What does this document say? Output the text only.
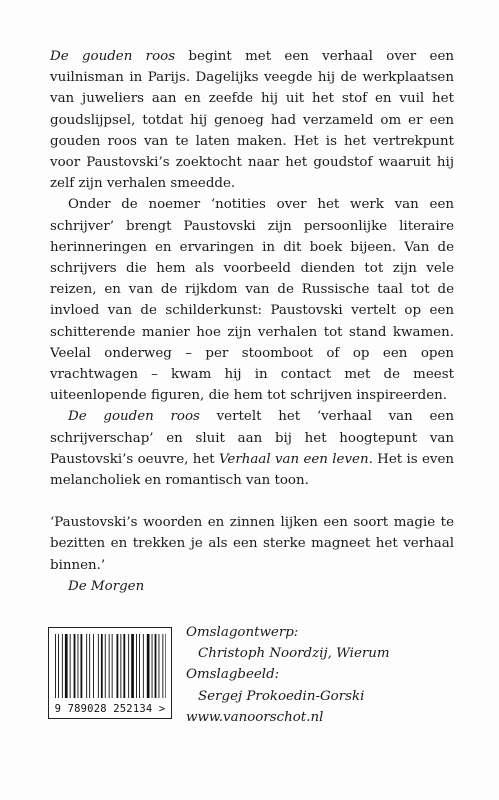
De gouden roos begint met een verhaal over een vuilnisman in Parijs. Dagelijks veegde hij de werkplaatsen van juweliers aan en zeefde hij uit het stof en vuil het goudslijpsel, totdat hij genoeg had verzameld om er een gouden roos van te laten maken. Het is het vertrekpunt voor Paustovski’s zoektocht naar het goudstof waaruit hij zelf zijn verhalen smeedde.

Onder de noemer ‘notities over het werk van een schrijver’ brengt Paustovski zijn persoonlijke literaire herinneringen en ervaringen in dit boek bijeen. Van de schrijvers die hem als voorbeeld dienden tot zijn vele reizen, en van de rijkdom van de Russische taal tot de invloed van de schilderkunst: Paustovski vertelt op een schitterende manier hoe zijn verhalen tot stand kwamen. Veelal onderweg – per stoomboot of op een open vrachtwagen – kwam hij in contact met de meest uiteenlopende figuren, die hem tot schrijven inspireerden.

De gouden roos vertelt het ‘verhaal van een schrijverschap’ en sluit aan bij het hoogtepunt van Paustovski’s oeuvre, het Verhaal van een leven. Het is even melancholiek en romantisch van toon.

‘Paustovski’s woorden en zinnen lijken een soort magie te bezitten en trekken je als een sterke magneet het verhaal binnen.’

De Morgen
9 789028 252134 >
Omslagontwerp:
Christoph Noordzij, Wierum
Omslagbeeld:
Sergej Prokoedin-Gorski
www.vanoorschot.nl
